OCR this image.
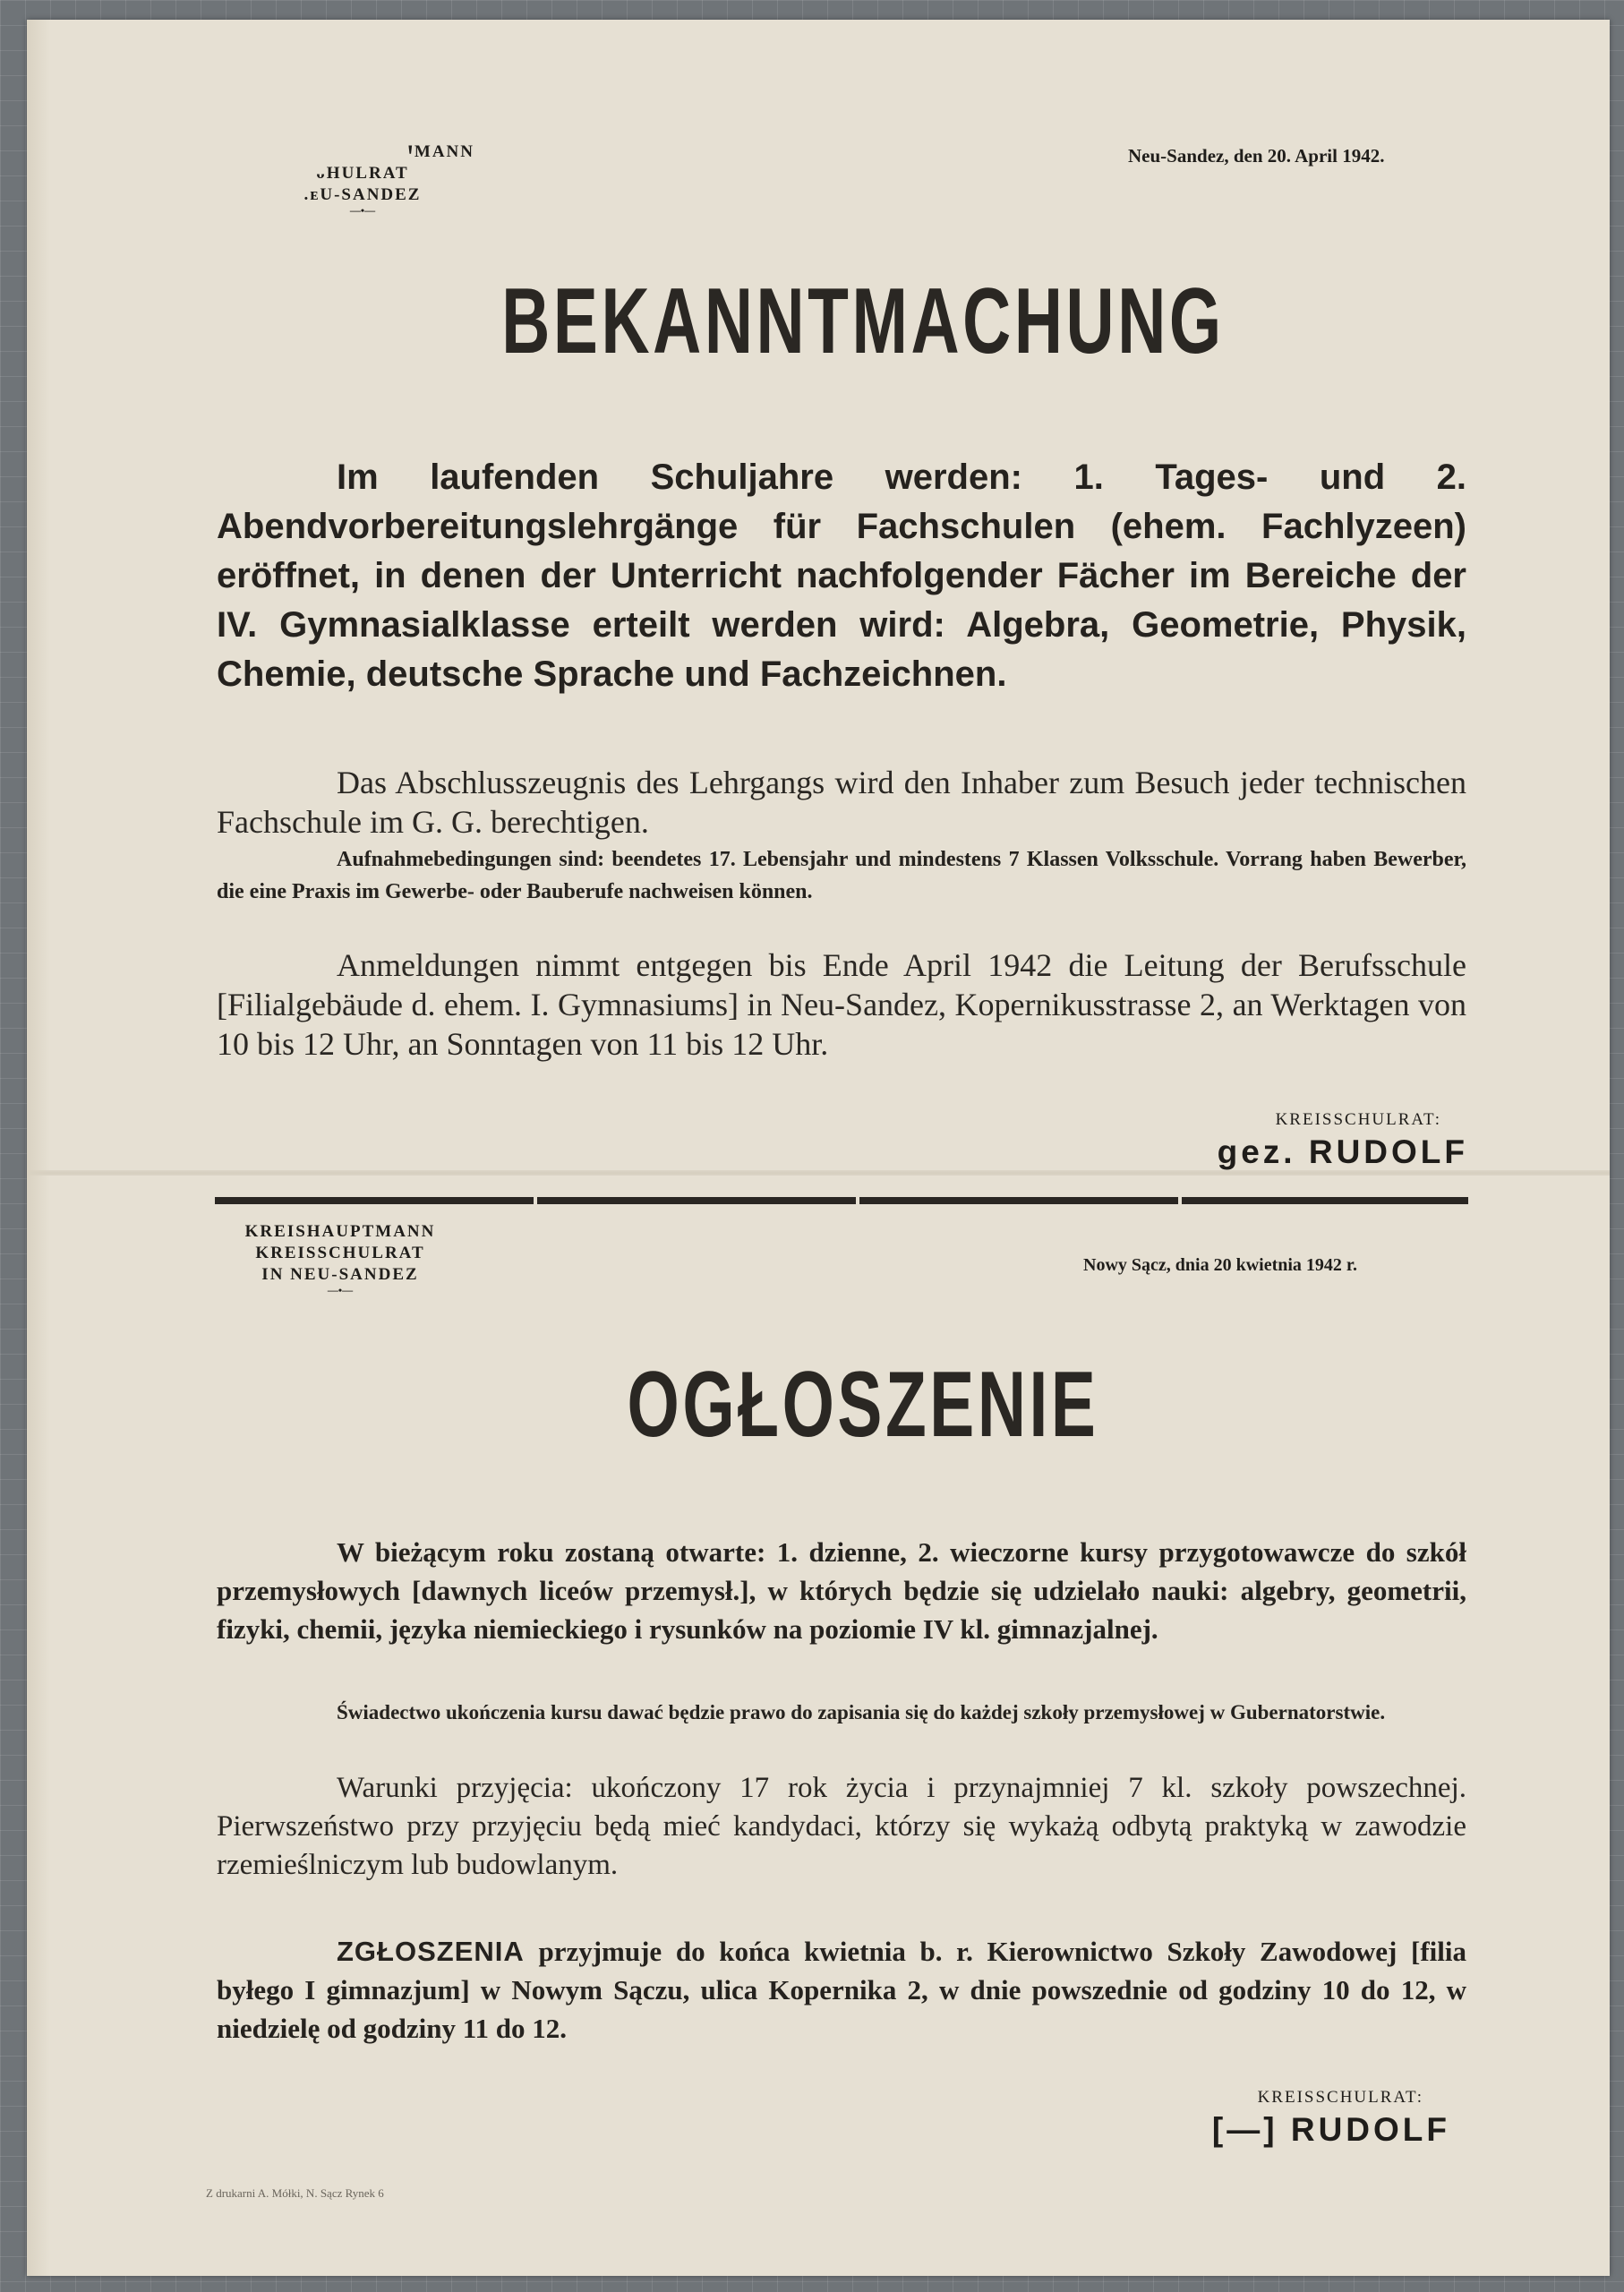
ꞋMANN
ᴗHULRAT
.ᴇU-SANDEZ
—•—
Neu-Sandez, den 20. April 1942.
BEKANNTMACHUNG
Im laufenden Schuljahre werden: 1. Tages- und 2. Abendvorbereitungslehrgänge für Fachschulen (ehem. Fachlyzeen) eröffnet, in denen der Unterricht nachfolgender Fächer im Bereiche der IV. Gymnasialklasse erteilt werden wird: Algebra, Geometrie, Physik, Chemie, deutsche Sprache und Fachzeichnen.
Das Abschlusszeugnis des Lehrgangs wird den Inhaber zum Besuch jeder technischen Fachschule im G. G. berechtigen.
Aufnahmebedingungen sind: beendetes 17. Lebensjahr und mindestens 7 Klassen Volksschule. Vorrang haben Bewerber, die eine Praxis im Gewerbe- oder Bauberufe nachweisen können.
Anmeldungen nimmt entgegen bis Ende April 1942 die Leitung der Berufsschule [Filialgebäude d. ehem. I. Gymnasiums] in Neu-Sandez, Kopernikusstrasse 2, an Werktagen von 10 bis 12 Uhr, an Sonntagen von 11 bis 12 Uhr.
KREISSCHULRAT:
gez. RUDOLF
KREISHAUPTMANN
KREISSCHULRAT
IN NEU-SANDEZ
—•—
Nowy Sącz, dnia 20 kwietnia 1942 r.
OGŁOSZENIE
W bieżącym roku zostaną otwarte: 1. dzienne, 2. wieczorne kursy przygotowawcze do szkół przemysłowych [dawnych liceów przemysł.], w których będzie się udzielało nauki: algebry, geometrii, fizyki, chemii, języka niemieckiego i rysunków na poziomie IV kl. gimnazjalnej.
Świadectwo ukończenia kursu dawać będzie prawo do zapisania się do każdej szkoły przemysłowej w Gubernatorstwie.
Warunki przyjęcia: ukończony 17 rok życia i przynajmniej 7 kl. szkoły powszechnej. Pierwszeństwo przy przyjęciu będą mieć kandydaci, którzy się wykażą odbytą praktyką w zawodzie rzemieślniczym lub budowlanym.
ZGŁOSZENIA przyjmuje do końca kwietnia b. r. Kierownictwo Szkoły Zawodowej [filia byłego I gimnazjum] w Nowym Sączu, ulica Kopernika 2, w dnie powszednie od godziny 10 do 12, w niedzielę od godziny 11 do 12.
KREISSCHULRAT:
[—] RUDOLF
Z drukarni A. Mółki, N. Sącz Rynek 6
